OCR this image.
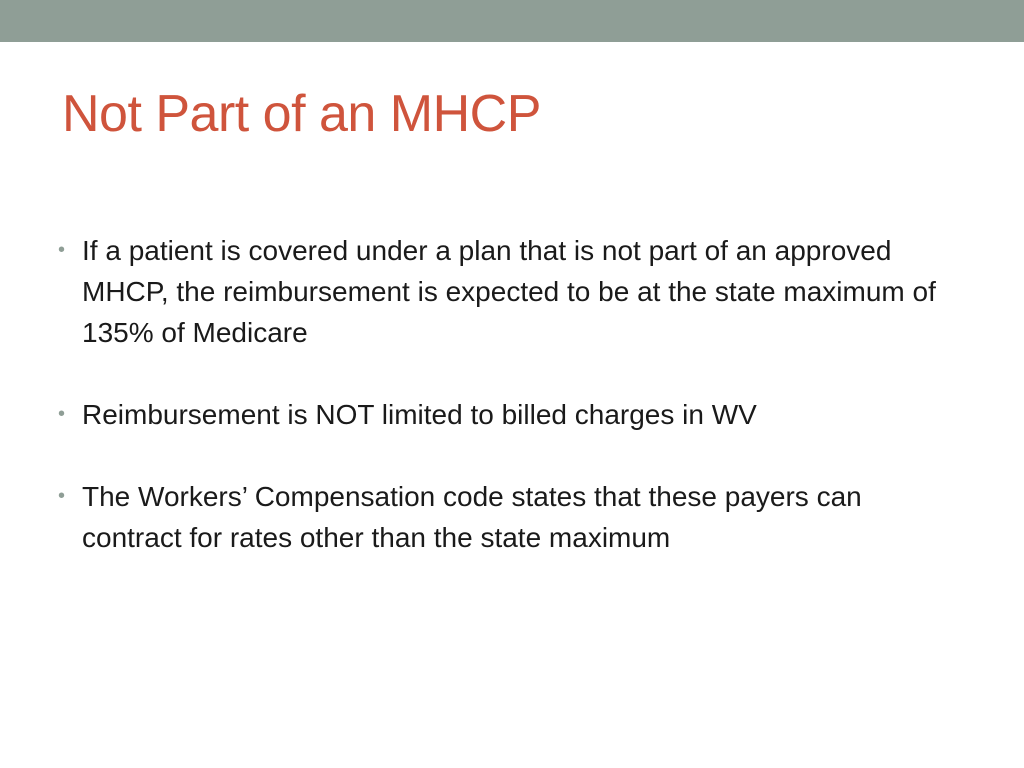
Not Part of an MHCP
• If a patient is covered under a plan that is not part of an approved MHCP, the reimbursement is expected to be at the state maximum of 135% of Medicare
• Reimbursement is NOT limited to billed charges in WV
• The Workers’ Compensation code states that these payers can contract for rates other than the state maximum
